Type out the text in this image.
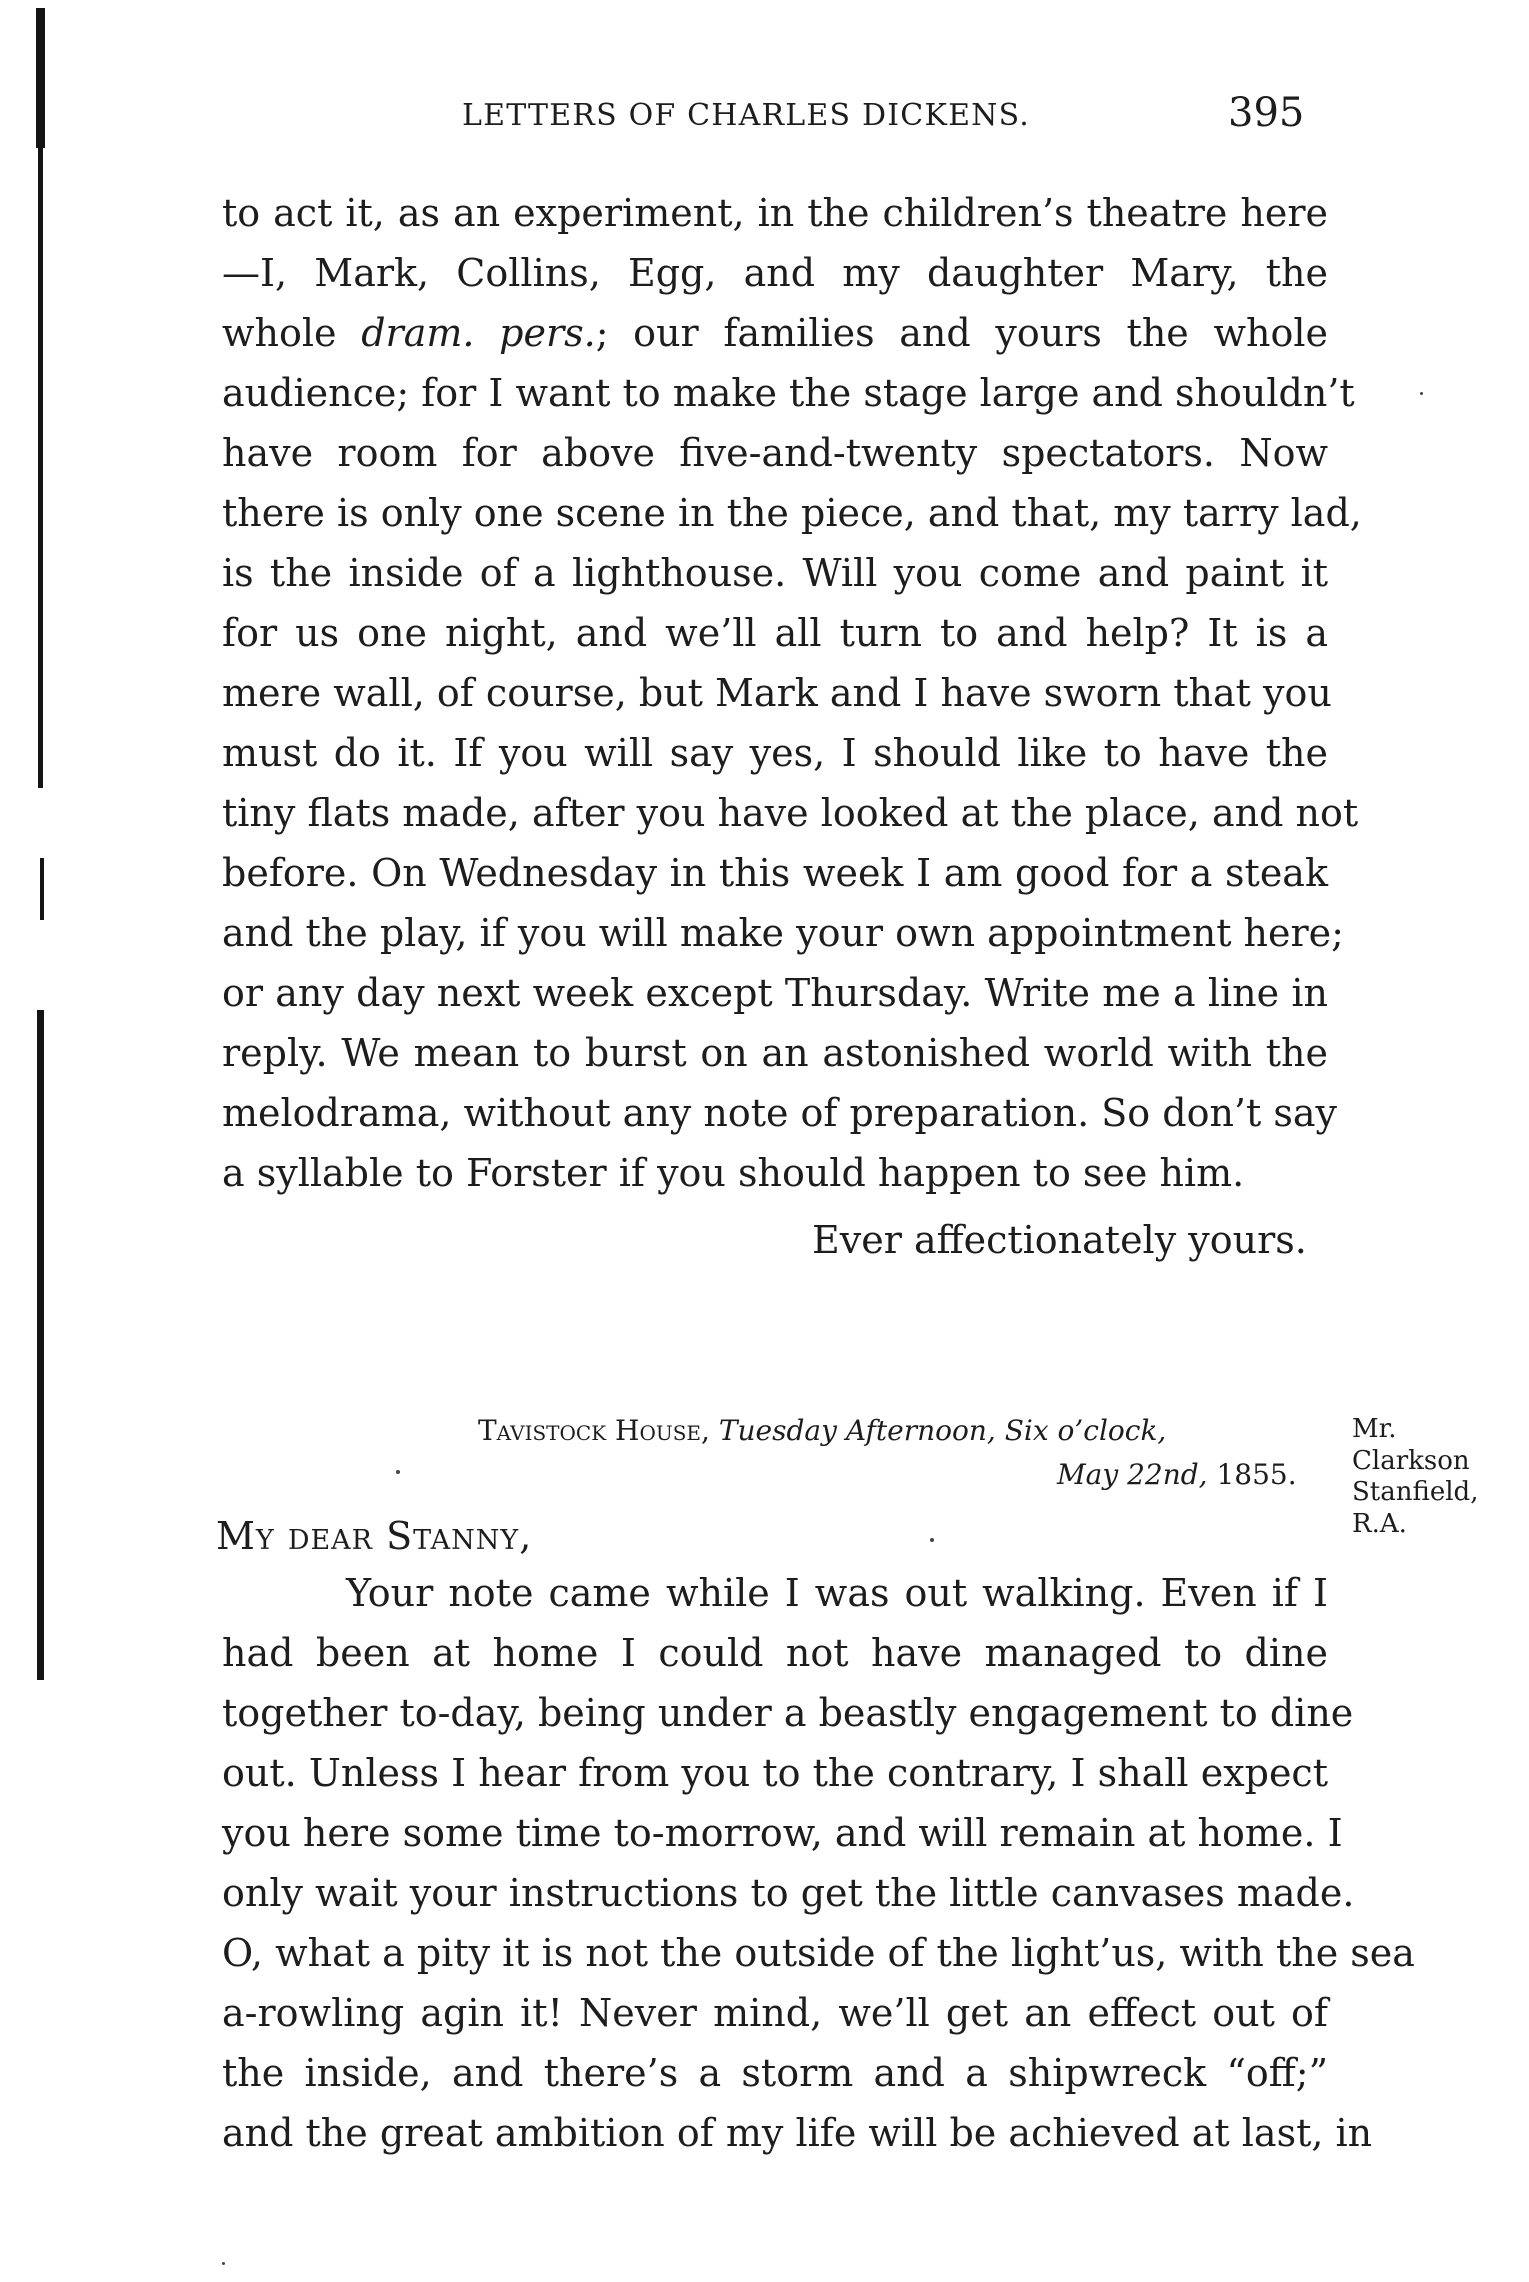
LETTERS OF CHARLES DICKENS.	395
to act it, as an experiment, in the children’s theatre here
—I, Mark, Collins, Egg, and my daughter Mary, the
whole dram. pers.; our families and yours the whole
audience; for I want to make the stage large and shouldn’t
have room for above five-and-twenty spectators. Now
there is only one scene in the piece, and that, my tarry lad,
is the inside of a lighthouse. Will you come and paint it
for us one night, and we’ll all turn to and help? It is a
mere wall, of course, but Mark and I have sworn that you
must do it. If you will say yes, I should like to have the
tiny flats made, after you have looked at the place, and not
before. On Wednesday in this week I am good for a steak
and the play, if you will make your own appointment here;
or any day next week except Thursday. Write me a line in
reply. We mean to burst on an astonished world with the
melodrama, without any note of preparation. So don’t say
a syllable to Forster if you should happen to see him.
Ever affectionately yours.
Tavistock House, Tuesday Afternoon, Six o’clock,
May 22nd, 1855.
Mr.
Clarkson
Stanfield,
R.A.
My dear Stanny,
Your note came while I was out walking. Even if I
had been at home I could not have managed to dine
together to-day, being under a beastly engagement to dine
out. Unless I hear from you to the contrary, I shall expect
you here some time to-morrow, and will remain at home. I
only wait your instructions to get the little canvases made.
O, what a pity it is not the outside of the light’us, with the sea
a-rowling agin it! Never mind, we’ll get an effect out of
the inside, and there’s a storm and a shipwreck “off;”
and the great ambition of my life will be achieved at last, in
